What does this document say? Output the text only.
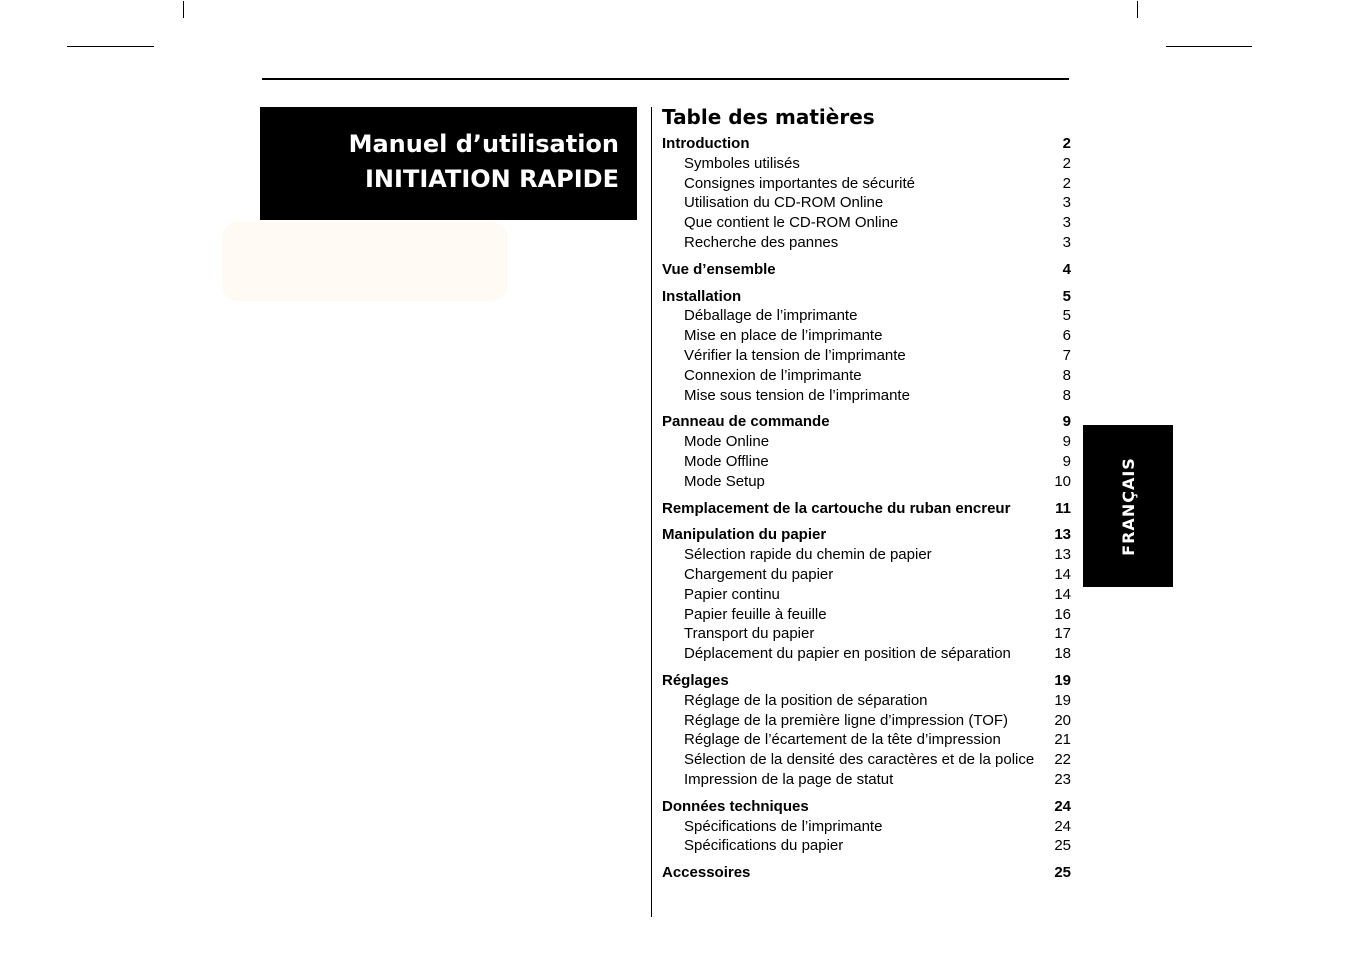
Manuel d’utilisation
INITIATION RAPIDE
Table des matières
Introduction	2
Symboles utilisés	2
Consignes importantes de sécurité	2
Utilisation du CD-ROM Online	3
Que contient le CD-ROM Online	3
Recherche des pannes	3
Vue d’ensemble	4
Installation	5
Déballage de l’imprimante	5
Mise en place de l’imprimante	6
Vérifier la tension de l’imprimante	7
Connexion de l’imprimante	8
Mise sous tension de l’imprimante	8
Panneau de commande	9
Mode Online	9
Mode Offline	9
Mode Setup	10
Remplacement de la cartouche du ruban encreur	11
Manipulation du papier	13
Sélection rapide du chemin de papier	13
Chargement du papier	14
Papier continu	14
Papier feuille à feuille	16
Transport du papier	17
Déplacement du papier en position de séparation	18
Réglages	19
Réglage de la position de séparation	19
Réglage de la première ligne d’impression (TOF)	20
Réglage de l’écartement de la tête d’impression	21
Sélection de la densité des caractères et de la police 22
Impression de la page de statut	23
Données techniques	24
Spécifications de l’imprimante	24
Spécifications du papier	25
Accessoires	25
FRANÇAIS
